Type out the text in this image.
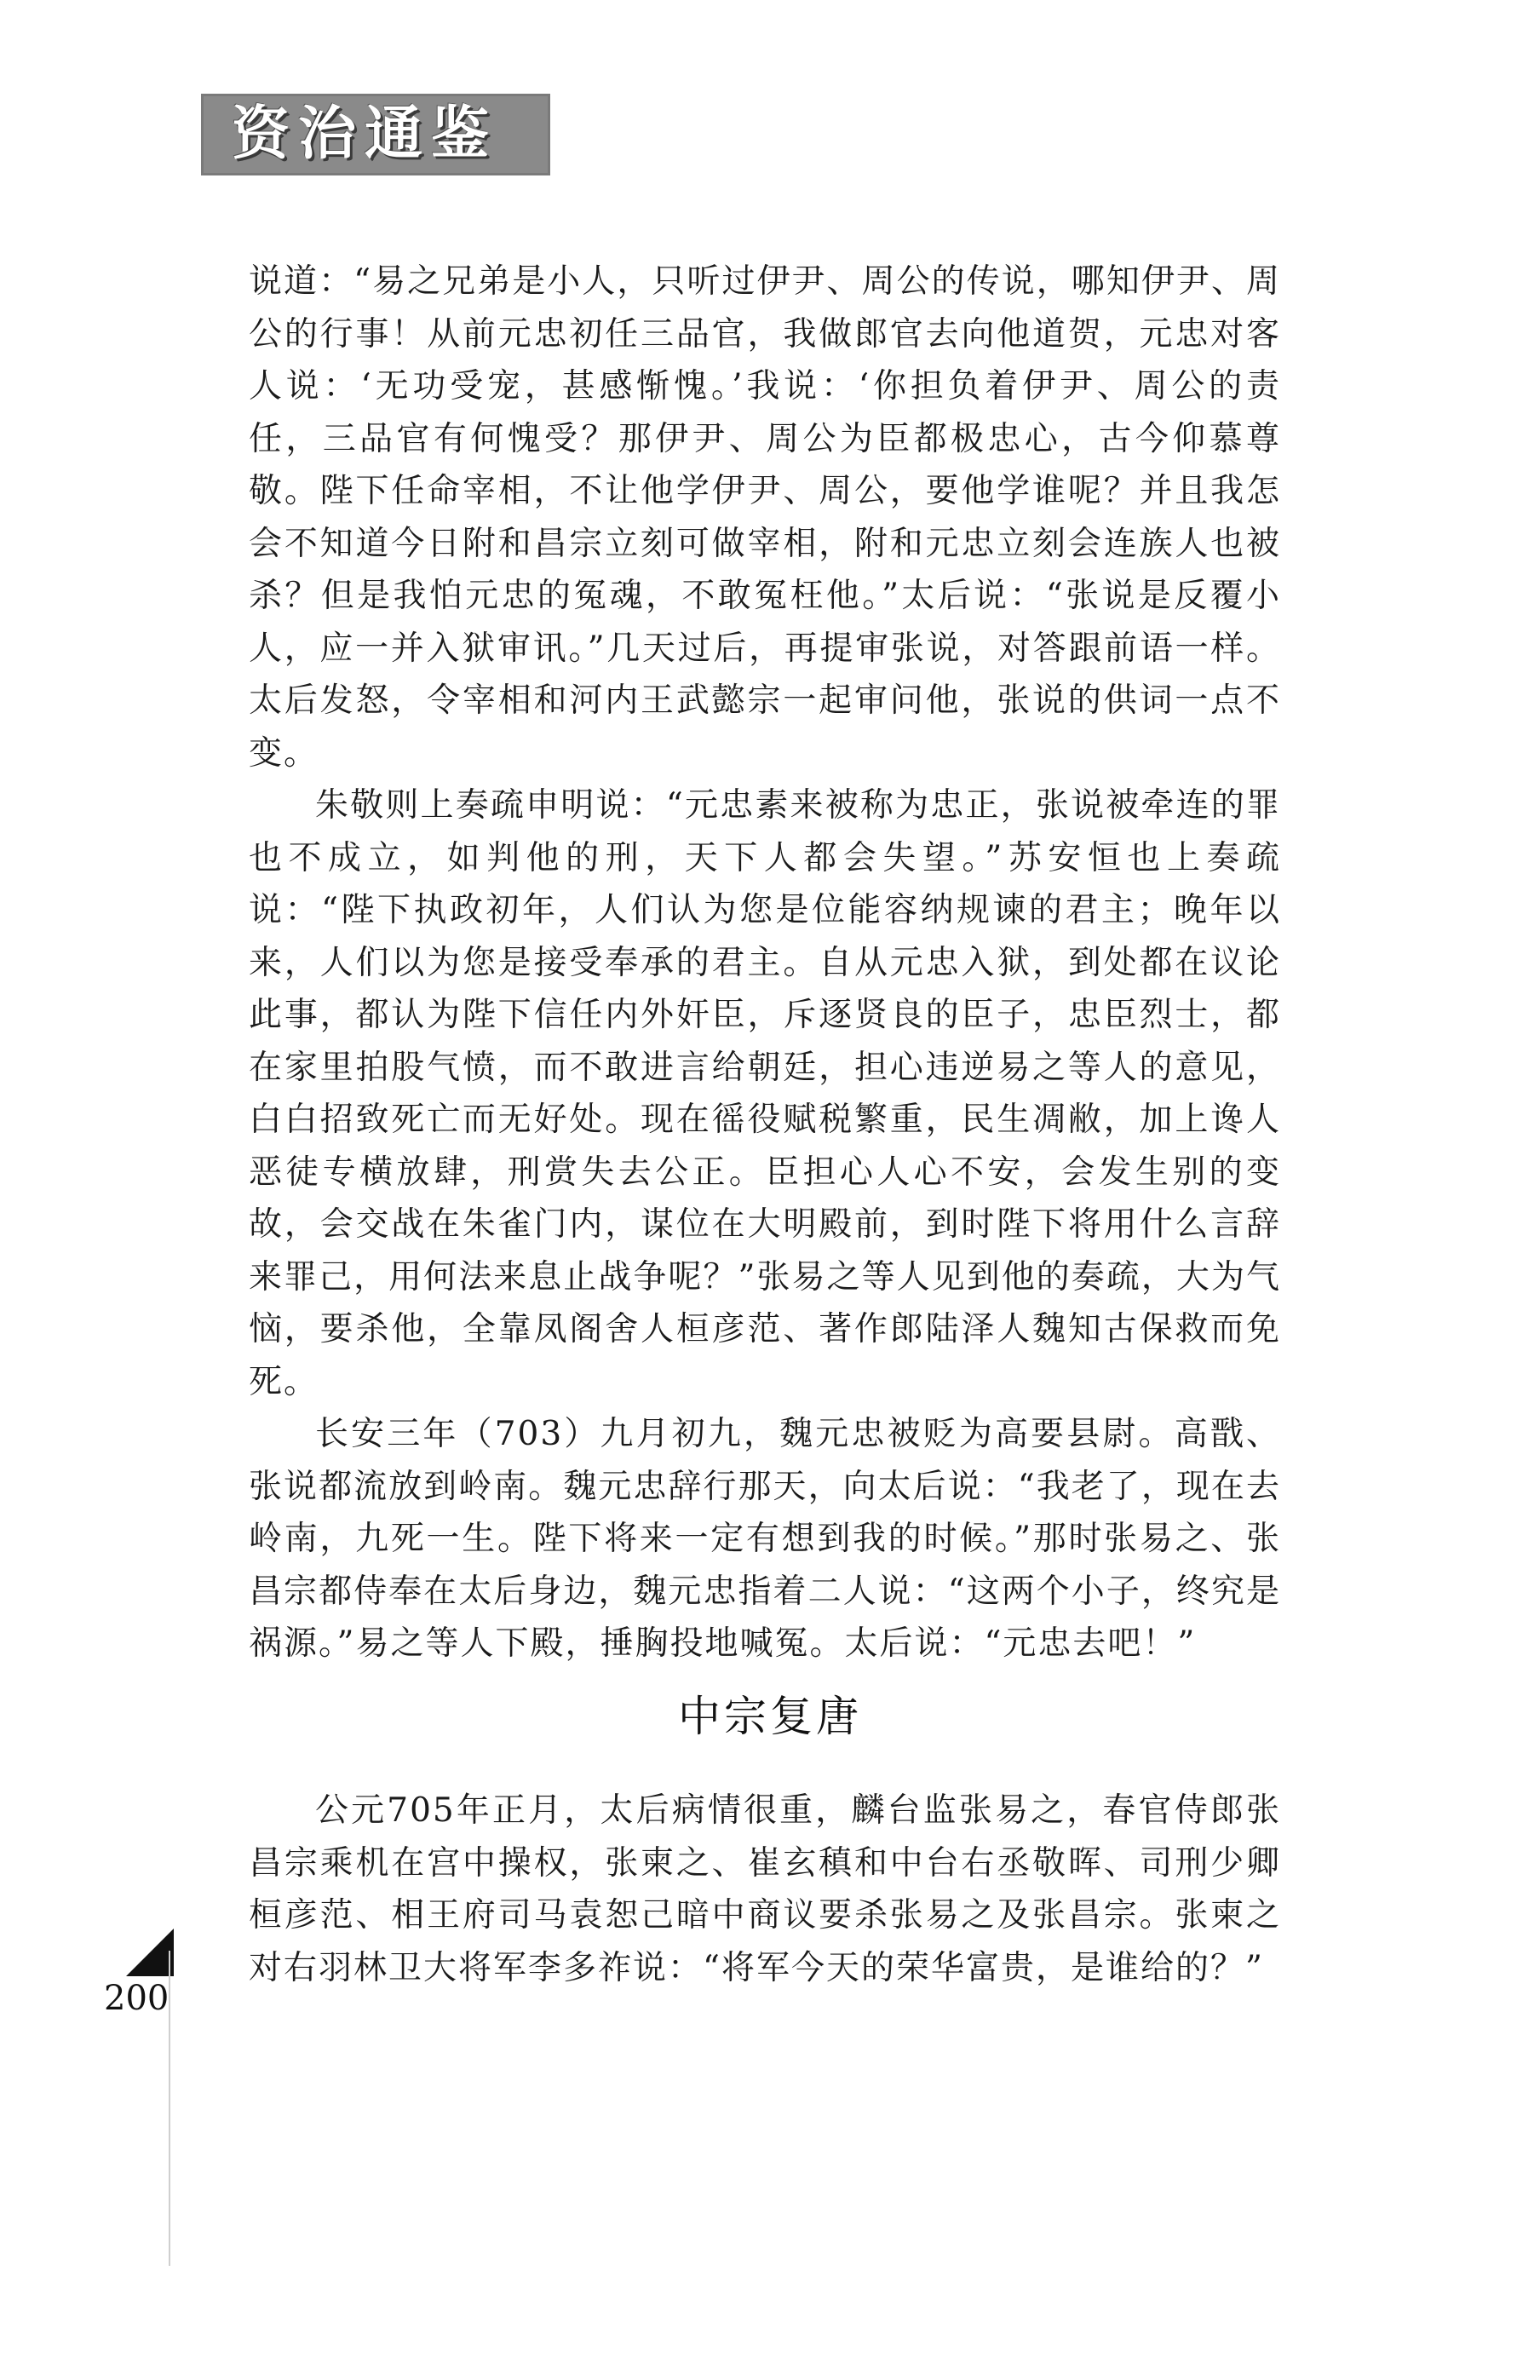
资治通鉴

说道：“易之兄弟是小人，只听过伊尹、周公的传说，哪知伊尹、周公的行事！从前元忠初任三品官，我做郎官去向他道贺，元忠对客人说：‘无功受宠，甚感惭愧。’我说：‘你担负着伊尹、周公的责任，三品官有何愧受？那伊尹、周公为臣都极忠心，古今仰慕尊敬。陛下任命宰相，不让他学伊尹、周公，要他学谁呢？并且我怎会不知道今日附和昌宗立刻可做宰相，附和元忠立刻会连族人也被杀？但是我怕元忠的冤魂，不敢冤枉他。”太后说：“张说是反覆小人，应一并入狱审讯。”几天过后，再提审张说，对答跟前语一样。太后发怒，令宰相和河内王武懿宗一起审问他，张说的供词一点不变。

朱敬则上奏疏申明说：“元忠素来被称为忠正，张说被牵连的罪也不成立，如判他的刑，天下人都会失望。”苏安恒也上奏疏说：“陛下执政初年，人们认为您是位能容纳规谏的君主；晚年以来，人们以为您是接受奉承的君主。自从元忠入狱，到处都在议论此事，都认为陛下信任内外奸臣，斥逐贤良的臣子，忠臣烈士，都在家里拍股气愤，而不敢进言给朝廷，担心违逆易之等人的意见，白白招致死亡而无好处。现在徭役赋税繁重，民生凋敝，加上谗人恶徒专横放肆，刑赏失去公正。臣担心人心不安，会发生别的变故，会交战在朱雀门内，谋位在大明殿前，到时陛下将用什么言辞来罪己，用何法来息止战争呢？”张易之等人见到他的奏疏，大为气恼，要杀他，全靠凤阁舍人桓彦范、著作郎陆泽人魏知古保救而免死。

长安三年（703）九月初九，魏元忠被贬为高要县尉。高戬、张说都流放到岭南。魏元忠辞行那天，向太后说：“我老了，现在去岭南，九死一生。陛下将来一定有想到我的时候。”那时张易之、张昌宗都侍奉在太后身边，魏元忠指着二人说：“这两个小子，终究是祸源。”易之等人下殿，捶胸投地喊冤。太后说：“元忠去吧！”

中宗复唐

公元705年正月，太后病情很重，麟台监张易之，春官侍郎张昌宗乘机在宫中操权，张柬之、崔玄稹和中台右丞敬晖、司刑少卿桓彦范、相王府司马袁恕己暗中商议要杀张易之及张昌宗。张柬之对右羽林卫大将军李多祚说：“将军今天的荣华富贵，是谁给的？”

200
